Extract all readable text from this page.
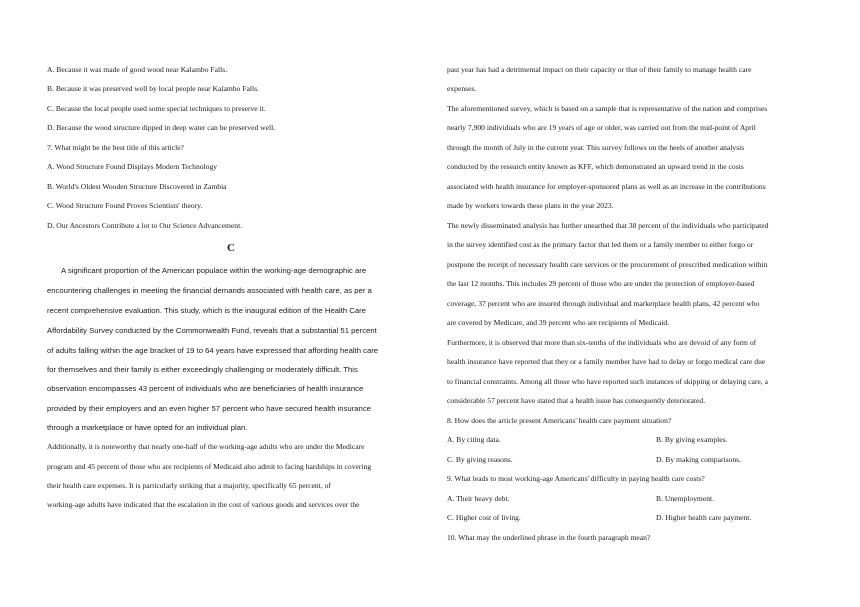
A. Because it was made of good wood near Kalambo Falls.
B. Because it was preserved well by local people near Kalambo Falls.
C. Because the local people used some special techniques to preserve it.
D. Because the wood structure dipped in deep water can be preserved well.
7. What might be the best title of this article?
A. Wood Structure Found Displays Modern Technology
B. World's Oldest Wooden Structure Discovered in Zambia
C. Wood Structure Found Proves Scientists' theory.
D. Our Ancestors Contribute a lot to Our Science Advancement.
C
A significant proportion of the American populace within the working-age demographic are
encountering challenges in meeting the financial demands associated with health care, as per a
recent comprehensive evaluation. This study, which is the inaugural edition of the Health Care
Affordability Survey conducted by the Commonwealth Fund, reveals that a substantial 51 percent
of adults falling within the age bracket of 19 to 64 years have expressed that affording health care
for themselves and their family is either exceedingly challenging or moderately difficult. This
observation encompasses 43 percent of individuals who are beneficiaries of health insurance
provided by their employers and an even higher 57 percent who have secured health insurance
through a marketplace or have opted for an individual plan.
Additionally, it is noteworthy that nearly one-half of the working-age adults who are under the Medicare
program and 45 percent of those who are recipients of Medicaid also admit to facing hardships in covering
their health care expenses. It is particularly striking that a majority, specifically 65 percent, of
working-age adults have indicated that the escalation in the cost of various goods and services over the
past year has had a detrimental impact on their capacity or that of their family to manage health care
expenses.
The aforementioned survey, which is based on a sample that is representative of the nation and comprises
nearly 7,900 individuals who are 19 years of age or older, was carried out from the mid-point of April
through the month of July in the current year. This survey follows on the heels of another analysis
conducted by the research entity known as KFF, which demonstrated an upward trend in the costs
associated with health insurance for employer-sponsored plans as well as an increase in the contributions
made by workers towards these plans in the year 2023.
The newly disseminated analysis has further unearthed that 38 percent of the individuals who participated
in the survey identified cost as the primary factor that led them or a family member to either forgo or
postpone the receipt of necessary health care services or the procurement of prescribed medication within
the last 12 months. This includes 29 percent of those who are under the protection of employer-based
coverage, 37 percent who are insured through individual and marketplace health plans, 42 percent who
are covered by Medicare, and 39 percent who are recipients of Medicaid.
Furthermore, it is observed that more than six-tenths of the individuals who are devoid of any form of
health insurance have reported that they or a family member have had to delay or forgo medical care due
to financial constraints. Among all those who have reported such instances of skipping or delaying care, a
considerable 57 percent have stated that a health issue has consequently deteriorated.
8. How does the article present Americans' health care payment situation?
A. By citing data.	B. By giving examples.
C. By giving reasons.	D. By making comparisons.
9. What leads to most working-age Americans' difficulty in paying health care costs?
A. Their heavy debt.	B. Unemployment.
C. Higher cost of living.	D. Higher health care payment.
10. What may the underlined phrase in the fourth paragraph mean?
